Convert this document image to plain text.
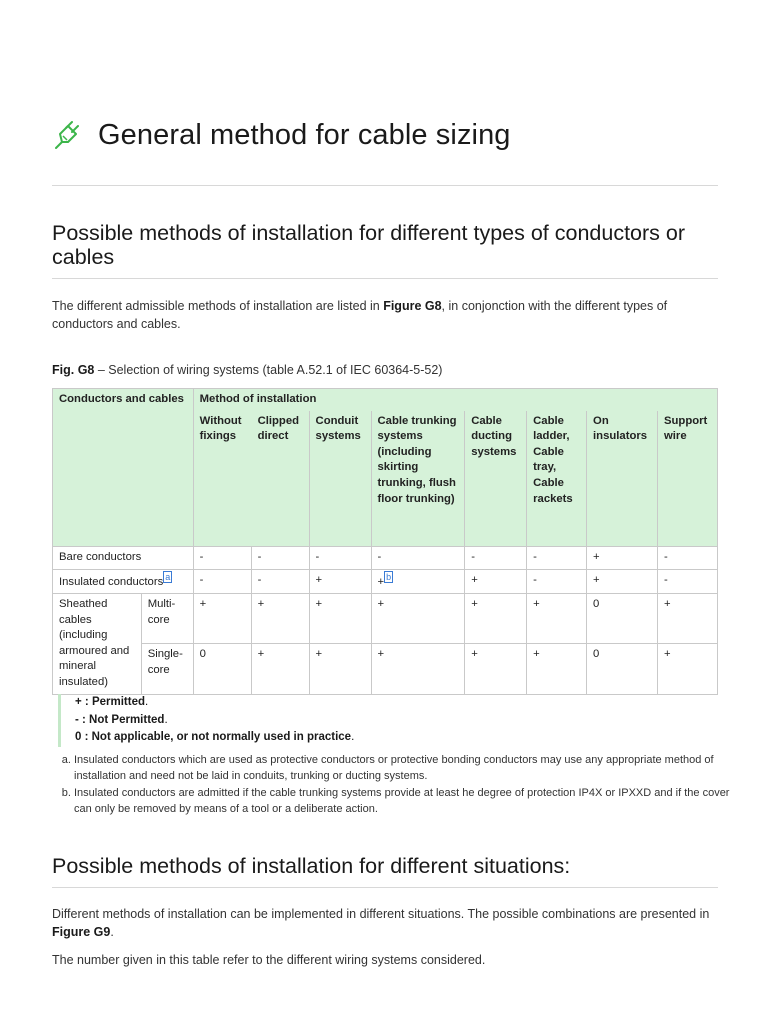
General method for cable sizing
Possible methods of installation for different types of conductors or cables

The different admissible methods of installation are listed in Figure G8, in conjonction with the different types of conductors and cables.

Fig. G8 – Selection of wiring systems (table A.52.1 of IEC 60364-5-52)
Conductors and cables		Method of installation							
		Without fixings	Clipped direct	Conduit systems	Cable trunking systems (including skirting trunking, flush floor trunking)	Cable ducting systems	Cable ladder, Cable tray, Cable rackets	On insulators	Support wire
Bare conductors		-	-	-	-	-	-	+	-
Insulated conductors $^a$		-	-	+	+ $^b$	+	-	+	-
Sheathed cables (including armoured and mineral insulated)	Multi-core	+	+	+	+	+	+	0	+
	Single-core	0	+	+	+	+	+	0	+
+ : Permitted.
- : Not Permitted.
0 : Not applicable, or not normally used in practice.
a. Insulated conductors which are used as protective conductors or protective bonding conductors may use any appropriate method of installation and need not be laid in conduits, trunking or ducting systems.
b. Insulated conductors are admitted if the cable trunking systems provide at least he degree of protection IP4X or IPXXD and if the cover can only be removed by means of a tool or a deliberate action.
Possible methods of installation for different situations:

Different methods of installation can be implemented in different situations. The possible combinations are presented in Figure G9.

The number given in this table refer to the different wiring systems considered.
